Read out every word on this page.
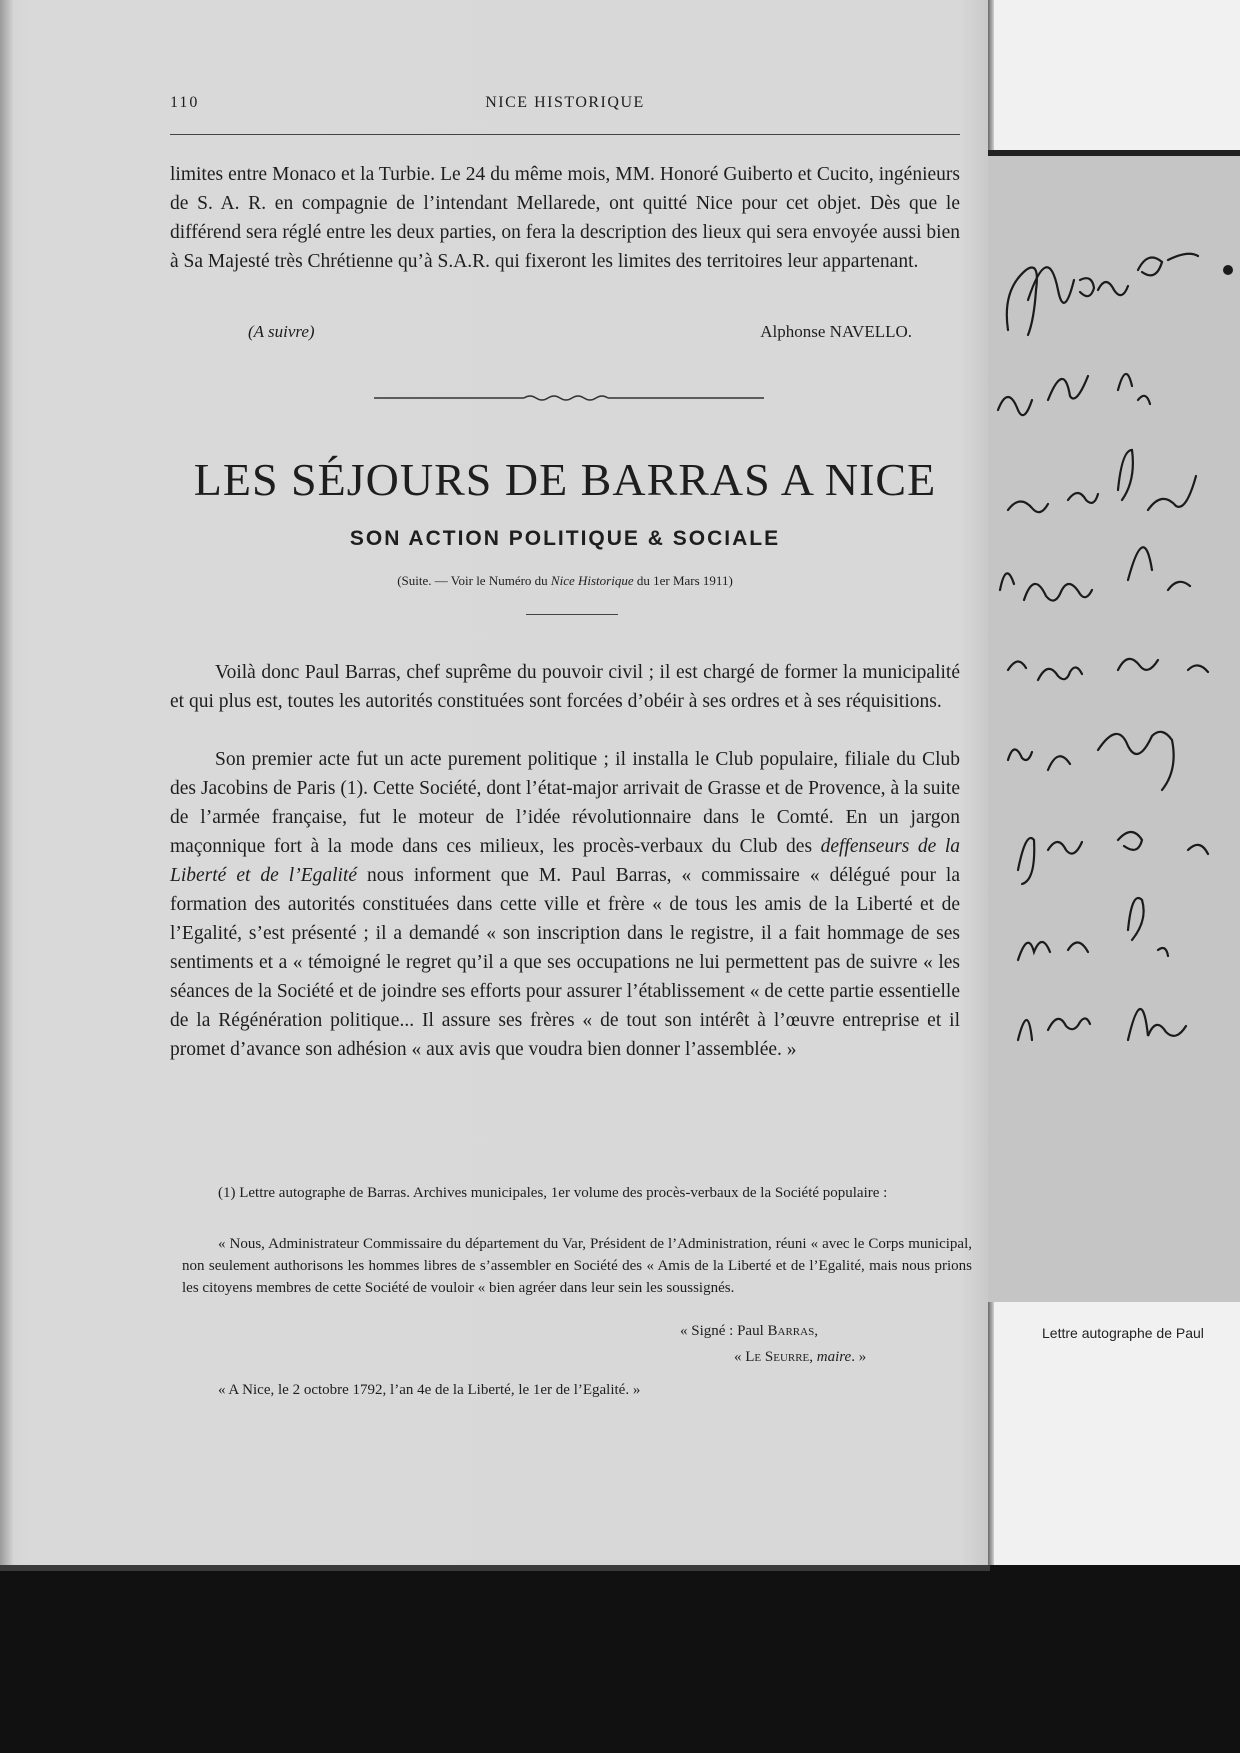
110	NICE HISTORIQUE

limites entre Monaco et la Turbie. Le 24 du même mois, MM. Honoré Guiberto et Cucito, ingénieurs de S. A. R. en compagnie de l’intendant Mellarede, ont quitté Nice pour cet objet. Dès que le différend sera réglé entre les deux parties, on fera la description des lieux qui sera envoyée aussi bien à Sa Majesté très Chrétienne qu’à S.A.R. qui fixeront les limites des territoires leur appartenant.

(A suivre)	Alphonse NAVELLO.
LES SÉJOURS DE BARRAS A NICE
SON ACTION POLITIQUE & SOCIALE
(Suite. — Voir le Numéro du Nice Historique du 1er Mars 1911)

Voilà donc Paul Barras, chef suprême du pouvoir civil ; il est chargé de former la municipalité et qui plus est, toutes les autorités constituées sont forcées d’obéir à ses ordres et à ses réquisitions.

Son premier acte fut un acte purement politique ; il installa le Club populaire, filiale du Club des Jacobins de Paris (1). Cette Société, dont l’état-major arrivait de Grasse et de Provence, à la suite de l’armée française, fut le moteur de l’idée révolutionnaire dans le Comté. En un jargon maçonnique fort à la mode dans ces milieux, les procès-verbaux du Club des deffenseurs de la Liberté et de l’Egalité nous informent que M. Paul Barras, « commissaire « délégué pour la formation des autorités constituées dans cette ville et frère « de tous les amis de la Liberté et de l’Egalité, s’est présenté ; il a demandé « son inscription dans le registre, il a fait hommage de ses sentiments et a « témoigné le regret qu’il a que ses occupations ne lui permettent pas de suivre « les séances de la Société et de joindre ses efforts pour assurer l’établissement « de cette partie essentielle de la Régénération politique... Il assure ses frères « de tout son intérêt à l’œuvre entreprise et il promet d’avance son adhésion « aux avis que voudra bien donner l’assemblée. »

(1) Lettre autographe de Barras. Archives municipales, 1er volume des procès-verbaux de la Société populaire :

« Nous, Administrateur Commissaire du département du Var, Président de l’Administration, réuni « avec le Corps municipal, non seulement authorisons les hommes libres de s’assembler en Société des « Amis de la Liberté et de l’Egalité, mais nous prions les citoyens membres de cette Société de vouloir « bien agréer dans leur sein les soussignés.

« Signé : Paul Barras,
« Le Seurre, maire. »
« A Nice, le 2 octobre 1792, l’an 4e de la Liberté, le 1er de l’Egalité. »
Lettre autographe de Paul
